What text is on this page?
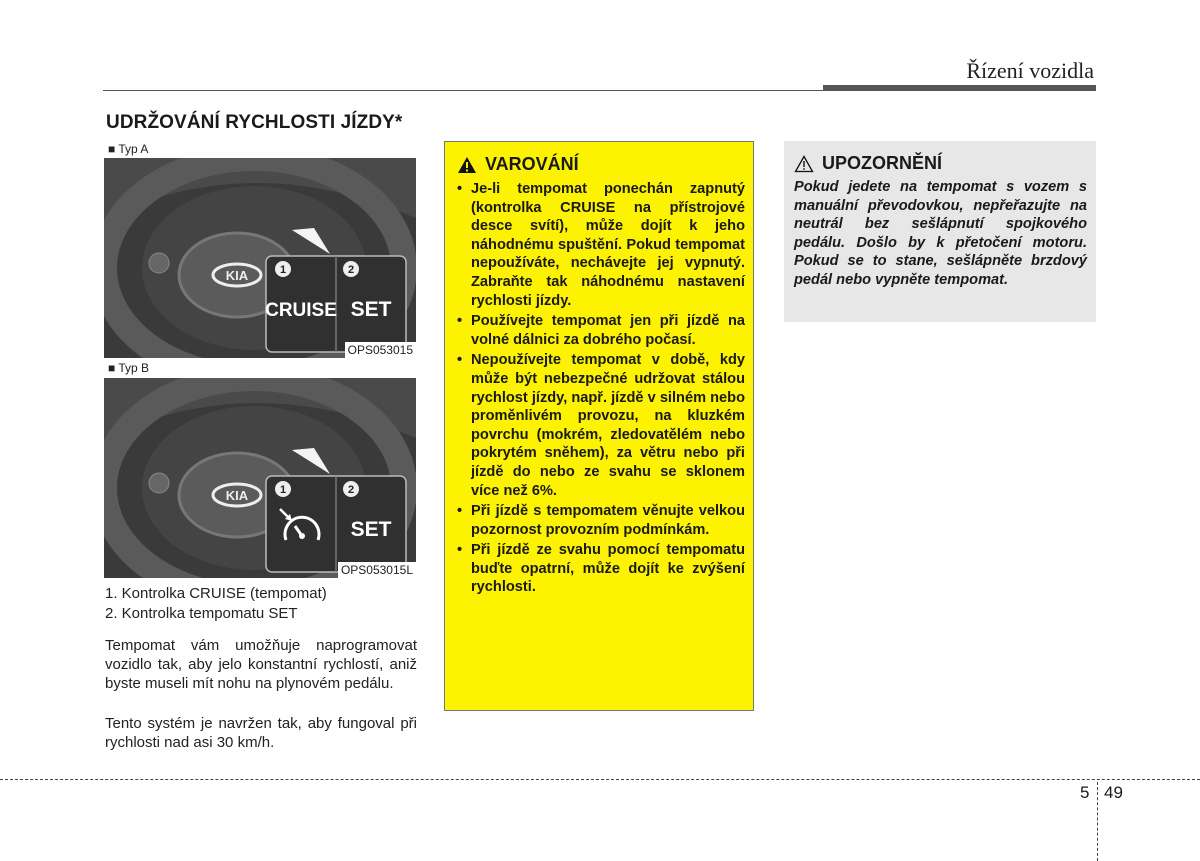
Řízení vozidla
UDRŽOVÁNÍ RYCHLOSTI JÍZDY*
■ Typ A
KIA	1	2
CRUISE SET
OPS053015
■ Typ B
KIA	1	2
SET
OPS053015L
1. Kontrolka CRUISE (tempomat)
2. Kontrolka tempomatu SET

Tempomat vám umožňuje naprogramovat vozidlo tak, aby jelo konstantní rychlostí, aniž byste museli mít nohu na plynovém pedálu.

Tento systém je navržen tak, aby fungoval při rychlosti nad asi 30 km/h.

VAROVÁNÍ
• Je-li tempomat ponechán zapnutý (kontrolka CRUISE na přístrojové desce svítí), může dojít k jeho náhodnému spuštění. Pokud tempomat nepoužíváte, nechávejte jej vypnutý. Zabraňte tak náhodnému nastavení rychlosti jízdy.
• Používejte tempomat jen při jízdě na volné dálnici za dobrého počasí.
• Nepoužívejte tempomat v době, kdy může být nebezpečné udržovat stálou rychlost jízdy, např. jízdě v silném nebo proměnlivém provozu, na kluzkém povrchu (mokrém, zledovatělém nebo pokrytém sněhem), za větru nebo při jízdě do nebo ze svahu se sklonem více než 6%.
• Při jízdě s tempomatem věnujte velkou pozornost provozním podmínkám.
• Při jízdě ze svahu pomocí tempomatu buďte opatrní, může dojít ke zvýšení rychlosti.
UPOZORNĚNÍ

Pokud jedete na tempomat s vozem s manuální převodovkou, nepřeřazujte na neutrál bez sešlápnutí spojkového pedálu. Došlo by k přetočení motoru. Pokud se to stane, sešlápněte brzdový pedál nebo vypněte tempomat.

5 49
